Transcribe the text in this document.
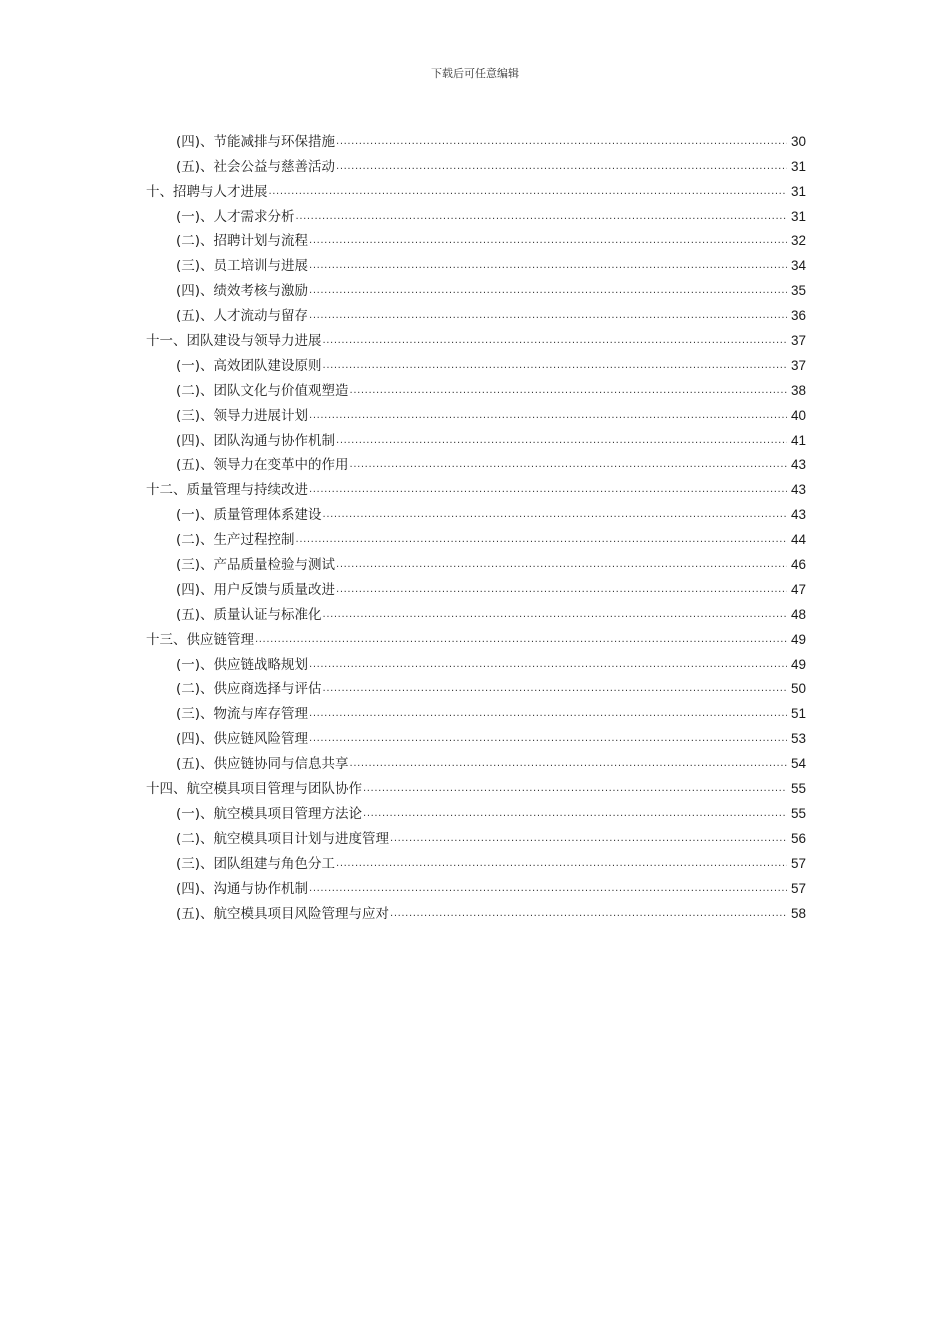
下载后可任意编辑
(四)、节能减排与环保措施 .....	30
(五)、社会公益与慈善活动 .....	31
十、招聘与人才进展 .....	31
(一)、人才需求分析 .....	31
(二)、招聘计划与流程 .....	32
(三)、员工培训与进展 .....	34
(四)、绩效考核与激励 .....	35
(五)、人才流动与留存 .....	36
十一、团队建设与领导力进展 .....	37
(一)、高效团队建设原则 .....	37
(二)、团队文化与价值观塑造 .....	38
(三)、领导力进展计划 .....	40
(四)、团队沟通与协作机制 .....	41
(五)、领导力在变革中的作用 .....	43
十二、质量管理与持续改进 .....	43
(一)、质量管理体系建设 .....	43
(二)、生产过程控制 .....	44
(三)、产品质量检验与测试 .....	46
(四)、用户反馈与质量改进 .....	47
(五)、质量认证与标准化 .....	48
十三、供应链管理 .....	49
(一)、供应链战略规划 .....	49
(二)、供应商选择与评估 .....	50
(三)、物流与库存管理 .....	51
(四)、供应链风险管理 .....	53
(五)、供应链协同与信息共享 .....	54
十四、航空模具项目管理与团队协作 .....	55
(一)、航空模具项目管理方法论 .....	55
(二)、航空模具项目计划与进度管理 .....	56
(三)、团队组建与角色分工 .....	57
(四)、沟通与协作机制 .....	57
(五)、航空模具项目风险管理与应对 .....	58
